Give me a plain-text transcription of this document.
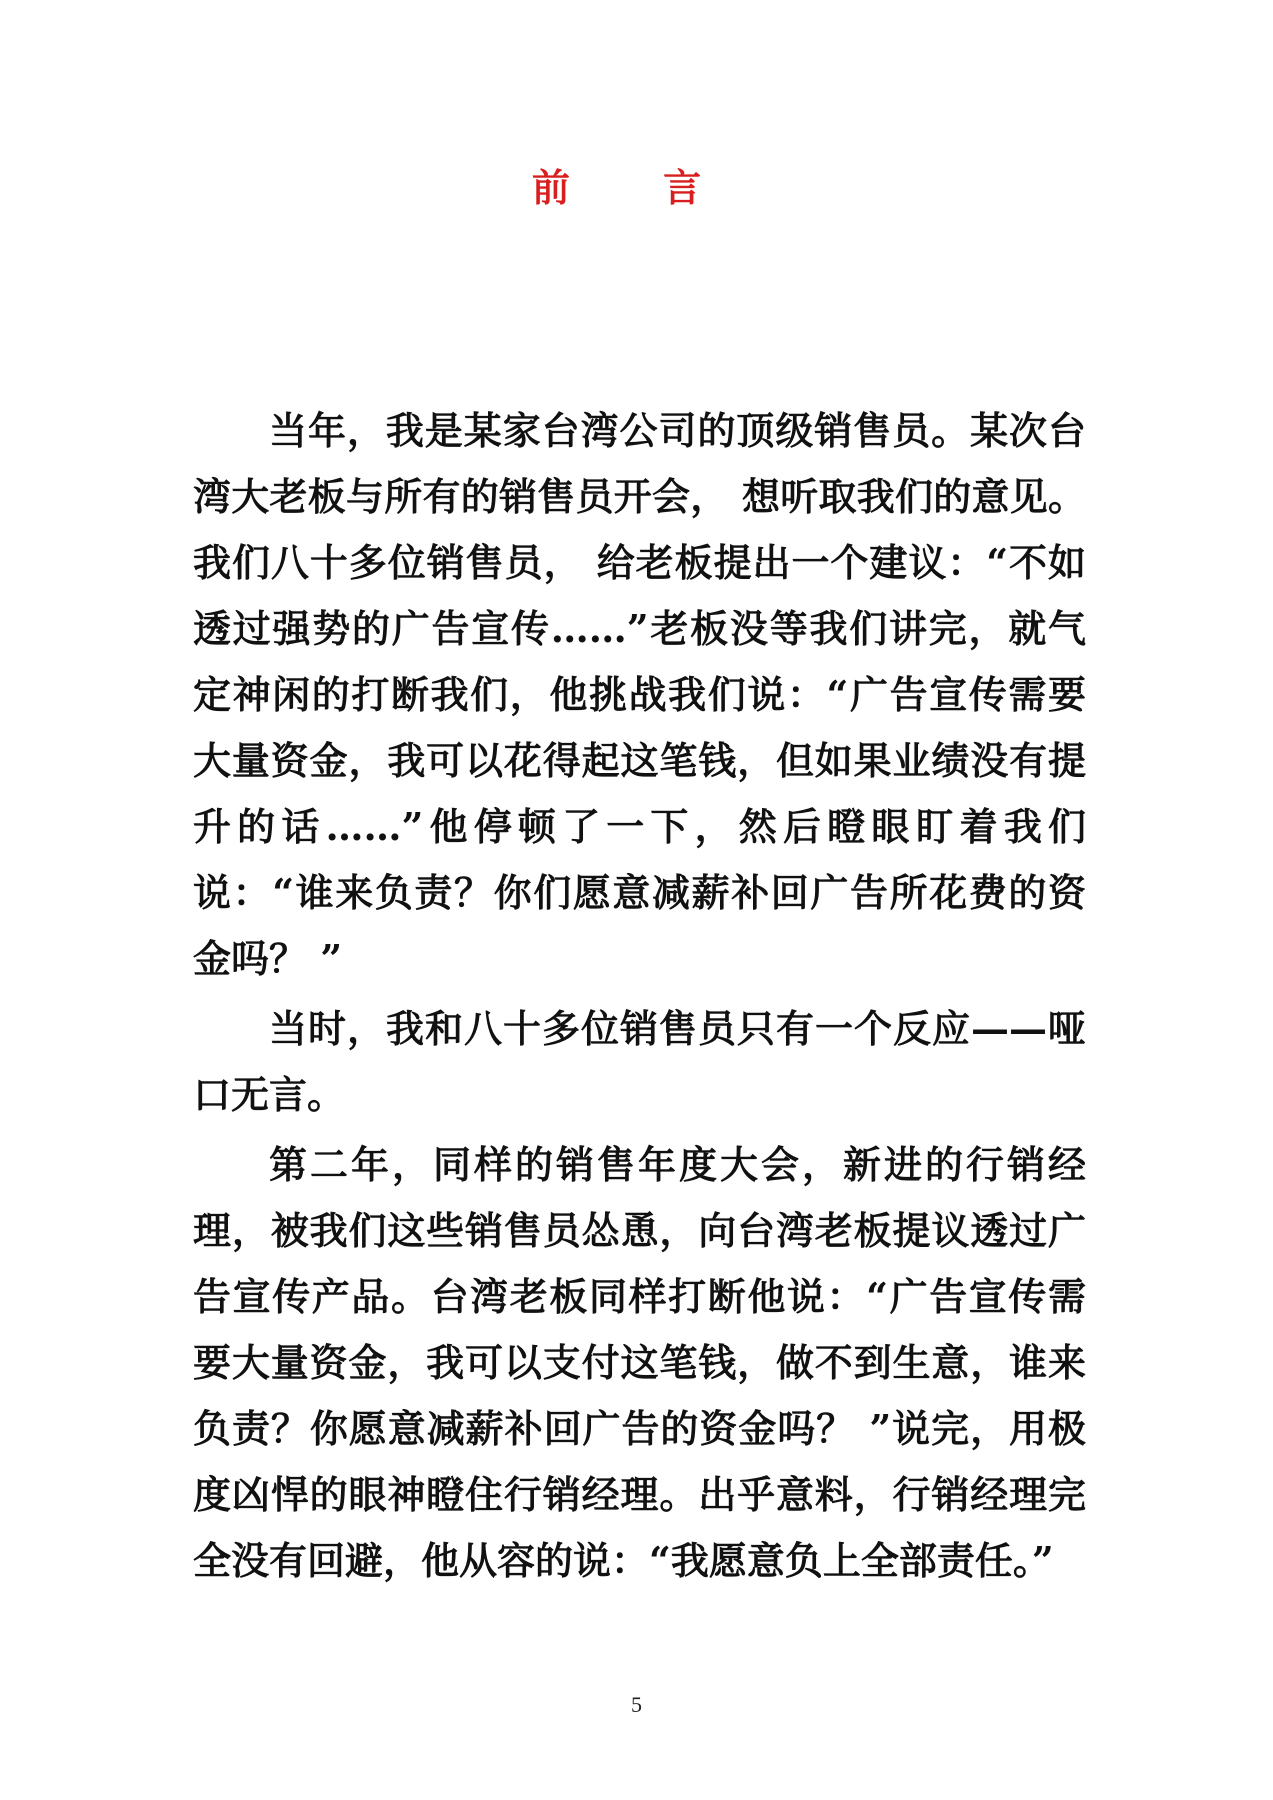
前 言

当年，我是某家台湾公司的顶级销售员。某次台湾大老板与所有的销售员开会， 想听取我们的意见。我们八十多位销售员， 给老板提出一个建议：“不如透过强势的广告宣传……”老板没等我们讲完，就气定神闲的打断我们，他挑战我们说：“广告宣传需要大量资金，我可以花得起这笔钱，但如果业绩没有提升的话……”他停顿了一下，然后瞪眼盯着我们说：“谁来负责？你们愿意减薪补回广告所花费的资金吗？ ”

当时，我和八十多位销售员只有一个反应——哑口无言。

第二年，同样的销售年度大会，新进的行销经理，被我们这些销售员怂恿，向台湾老板提议透过广告宣传产品。台湾老板同样打断他说：“广告宣传需要大量资金，我可以支付这笔钱，做不到生意，谁来负责？你愿意减薪补回广告的资金吗？ ”说完，用极度凶悍的眼神瞪住行销经理。出乎意料，行销经理完全没有回避，他从容的说：“我愿意负上全部责任。”

5
